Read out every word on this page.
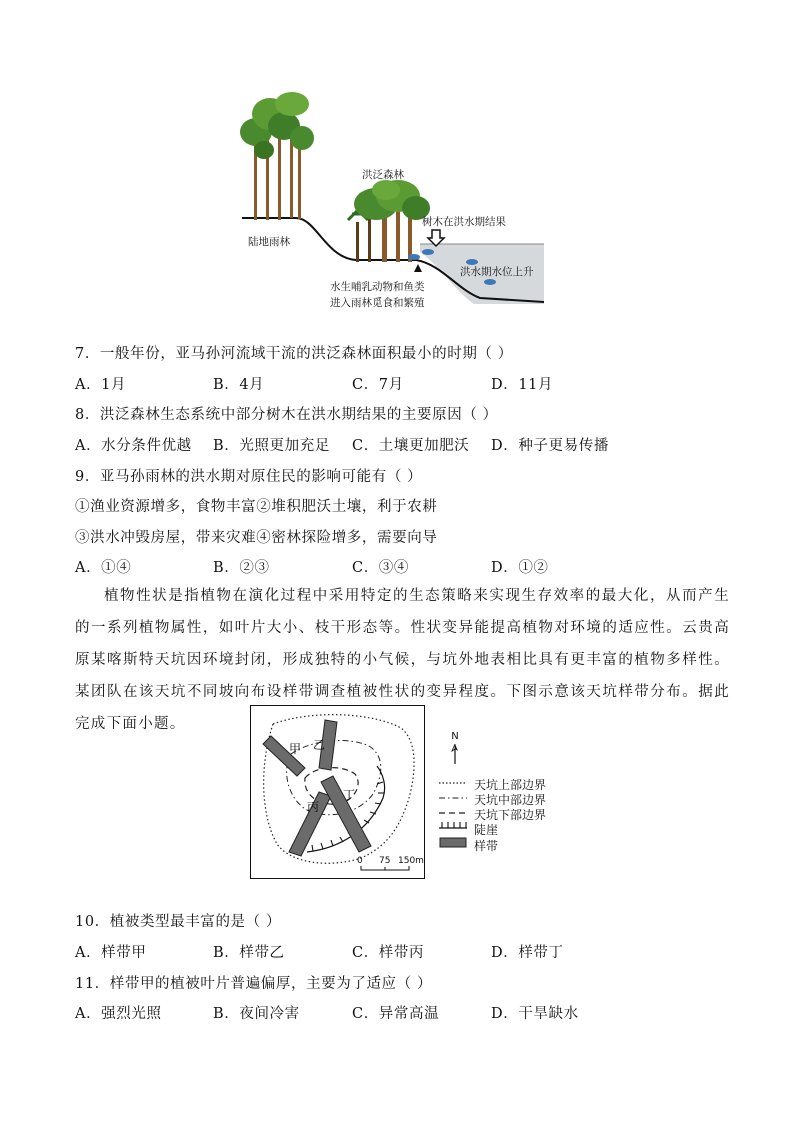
陆地雨林
洪泛森林
树木在洪水期结果
洪水期水位上升
水生哺乳动物和鱼类
进入雨林觅食和繁殖
7．一般年份，亚马孙河流域干流的洪泛森林面积最小的时期（ ）
A．1月	B．4月	C．7月	D．11月
8．洪泛森林生态系统中部分树木在洪水期结果的主要原因（ ）
A．水分条件优越 B．光照更加充足 C．土壤更加肥沃 D．种子更易传播
9．亚马孙雨林的洪水期对原住民的影响可能有（ ）
①渔业资源增多，食物丰富②堆积肥沃土壤，利于农耕
③洪水冲毁房屋，带来灾难④密林探险增多，需要向导
A．①④	B．②③	C．③④	D．①②

植物性状是指植物在演化过程中采用特定的生态策略来实现生存效率的最大化，从而产生的一系列植物属性，如叶片大小、枝干形态等。性状变异能提高植物对环境的适应性。云贵高原某喀斯特天坑因环境封闭，形成独特的小气候，与坑外地表相比具有更丰富的植物多样性。某团队在该天坑不同坡向布设样带调查植被性状的变异程度。下图示意该天坑样带分布。据此完成下面小题。

甲 乙
丙
丁
0 75 150m
N
天坑上部边界
天坑中部边界
天坑下部边界
陡崖
样带
10．植被类型最丰富的是（ ）
A．样带甲	B．样带乙	C．样带丙	D．样带丁
11．样带甲的植被叶片普遍偏厚，主要为了适应（ ）
A．强烈光照	B．夜间冷害	C．异常高温	D．干旱缺水
